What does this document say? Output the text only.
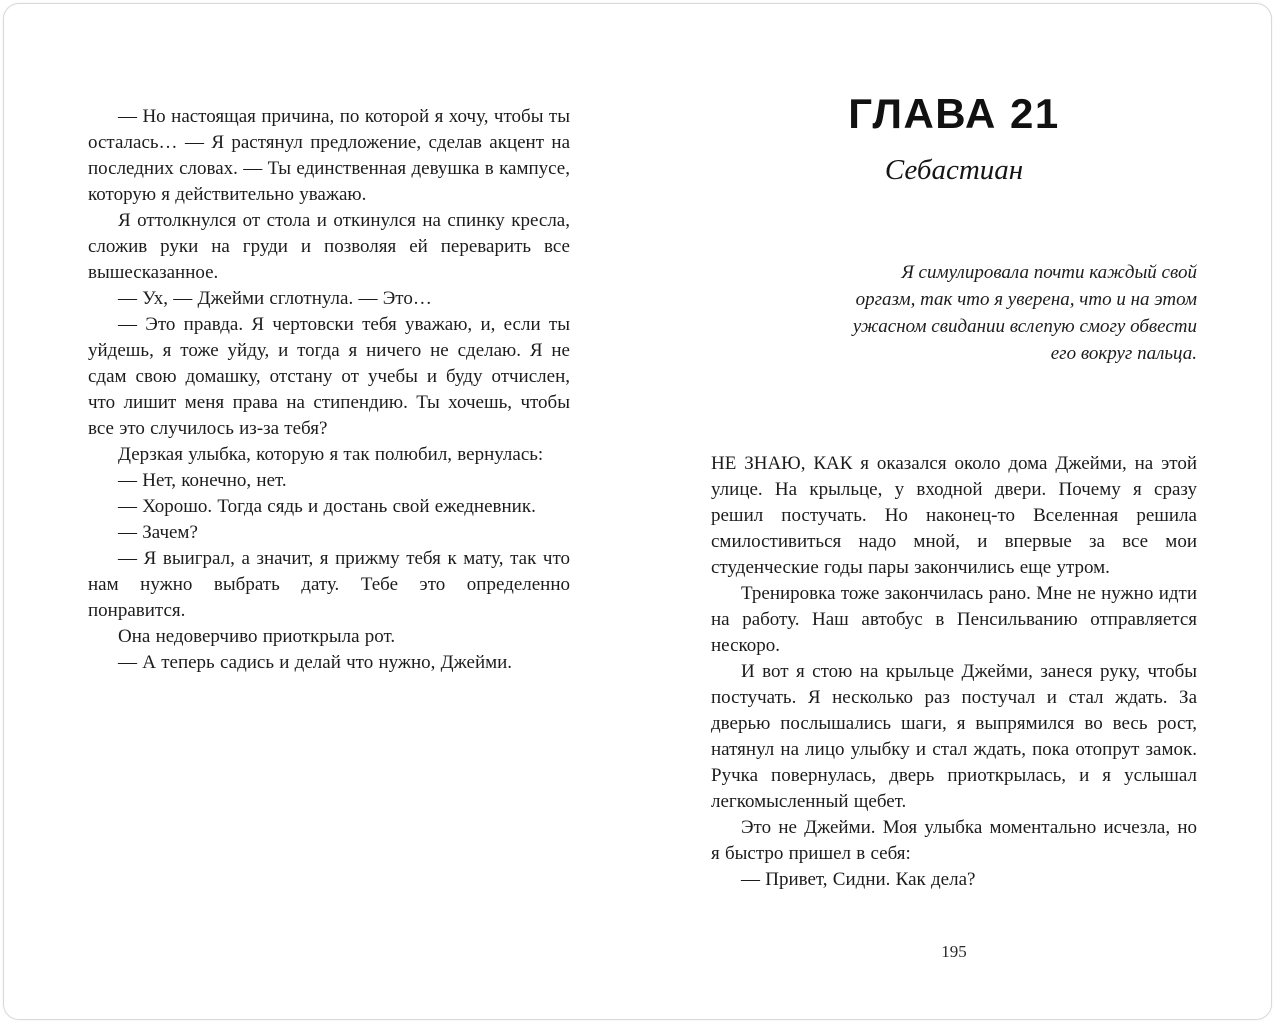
— Но настоящая причина, по которой я хочу, чтобы ты осталась… — Я растянул предложение, сделав акцент на последних словах. — Ты единственная девушка в кампусе, которую я действительно уважаю.

Я оттолкнулся от стола и откинулся на спинку кресла, сложив руки на груди и позволяя ей переварить все вышесказанное.

— Ух, — Джейми сглотнула. — Это…

— Это правда. Я чертовски тебя уважаю, и, если ты уйдешь, я тоже уйду, и тогда я ничего не сделаю. Я не сдам свою домашку, отстану от учебы и буду отчислен, что лишит меня права на стипендию. Ты хочешь, чтобы все это случилось из-за тебя?

Дерзкая улыбка, которую я так полюбил, вернулась:

— Нет, конечно, нет.

— Хорошо. Тогда сядь и достань свой ежедневник.

— Зачем?

— Я выиграл, а значит, я прижму тебя к мату, так что нам нужно выбрать дату. Тебе это определенно понравится.

Она недоверчиво приоткрыла рот.

— А теперь садись и делай что нужно, Джейми.

ГЛАВА 21
Себастиан
Я симулировала почти каждый свой оргазм, так что я уверена, что и на этом ужасном свидании вслепую смогу обвести его вокруг пальца.

НЕ ЗНАЮ, КАК я оказался около дома Джейми, на этой улице. На крыльце, у входной двери. Почему я сразу решил постучать. Но наконец-то Вселенная решила смилостивиться надо мной, и впервые за все мои студенческие годы пары закончились еще утром.

Тренировка тоже закончилась рано. Мне не нужно идти на работу. Наш автобус в Пенсильванию отправляется нескоро.

И вот я стою на крыльце Джейми, занеся руку, чтобы постучать. Я несколько раз постучал и стал ждать. За дверью послышались шаги, я выпрямился во весь рост, натянул на лицо улыбку и стал ждать, пока отопрут замок. Ручка повернулась, дверь приоткрылась, и я услышал легкомысленный щебет.

Это не Джейми. Моя улыбка моментально исчезла, но я быстро пришел в себя:

— Привет, Сидни. Как дела?

195
